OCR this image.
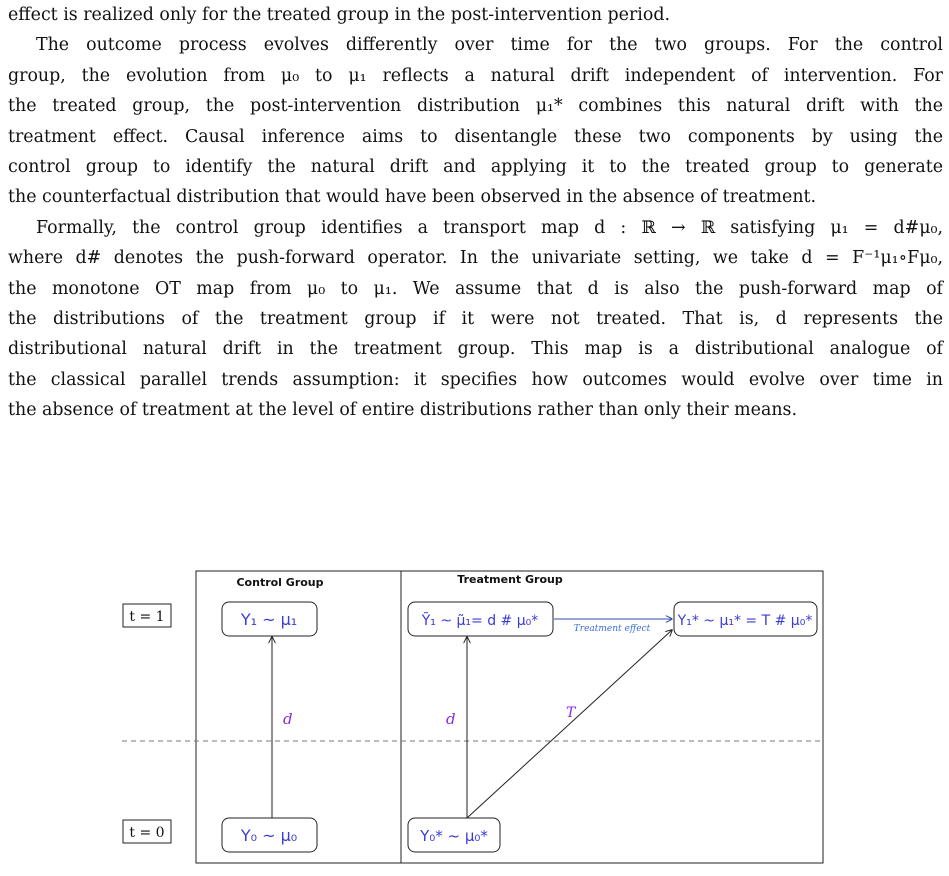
effect is realized only for the treated group in the post-intervention period.

The outcome process evolves differently over time for the two groups. For the control
group, the evolution from μ₀ to μ₁ reflects a natural drift independent of intervention. For
the treated group, the post-intervention distribution μ₁* combines this natural drift with the
treatment effect. Causal inference aims to disentangle these two components by using the
control group to identify the natural drift and applying it to the treated group to generate
the counterfactual distribution that would have been observed in the absence of treatment.

Formally, the control group identifies a transport map d : ℝ → ℝ satisfying μ₁ = d#μ₀,
where d# denotes the push-forward operator. In the univariate setting, we take d = F⁻¹μ₁∘Fμ₀,
the monotone OT map from μ₀ to μ₁. We assume that d is also the push-forward map of
the distributions of the treatment group if it were not treated. That is, d represents the
distributional natural drift in the treatment group. This map is a distributional analogue of
the classical parallel trends assumption: it specifies how outcomes would evolve over time in
the absence of treatment at the level of entire distributions rather than only their means.

Control Group	Treatment Group
t = 1
t = 0
Y₁ ~ μ₁
Y₀ ~ μ₀
Ỹ₁ ~ μ̃₁= d # μ₀*	Y₁* ~ μ₁* = T # μ₀*
Y₀* ~ μ₀*
d	d	T
Treatment effect
